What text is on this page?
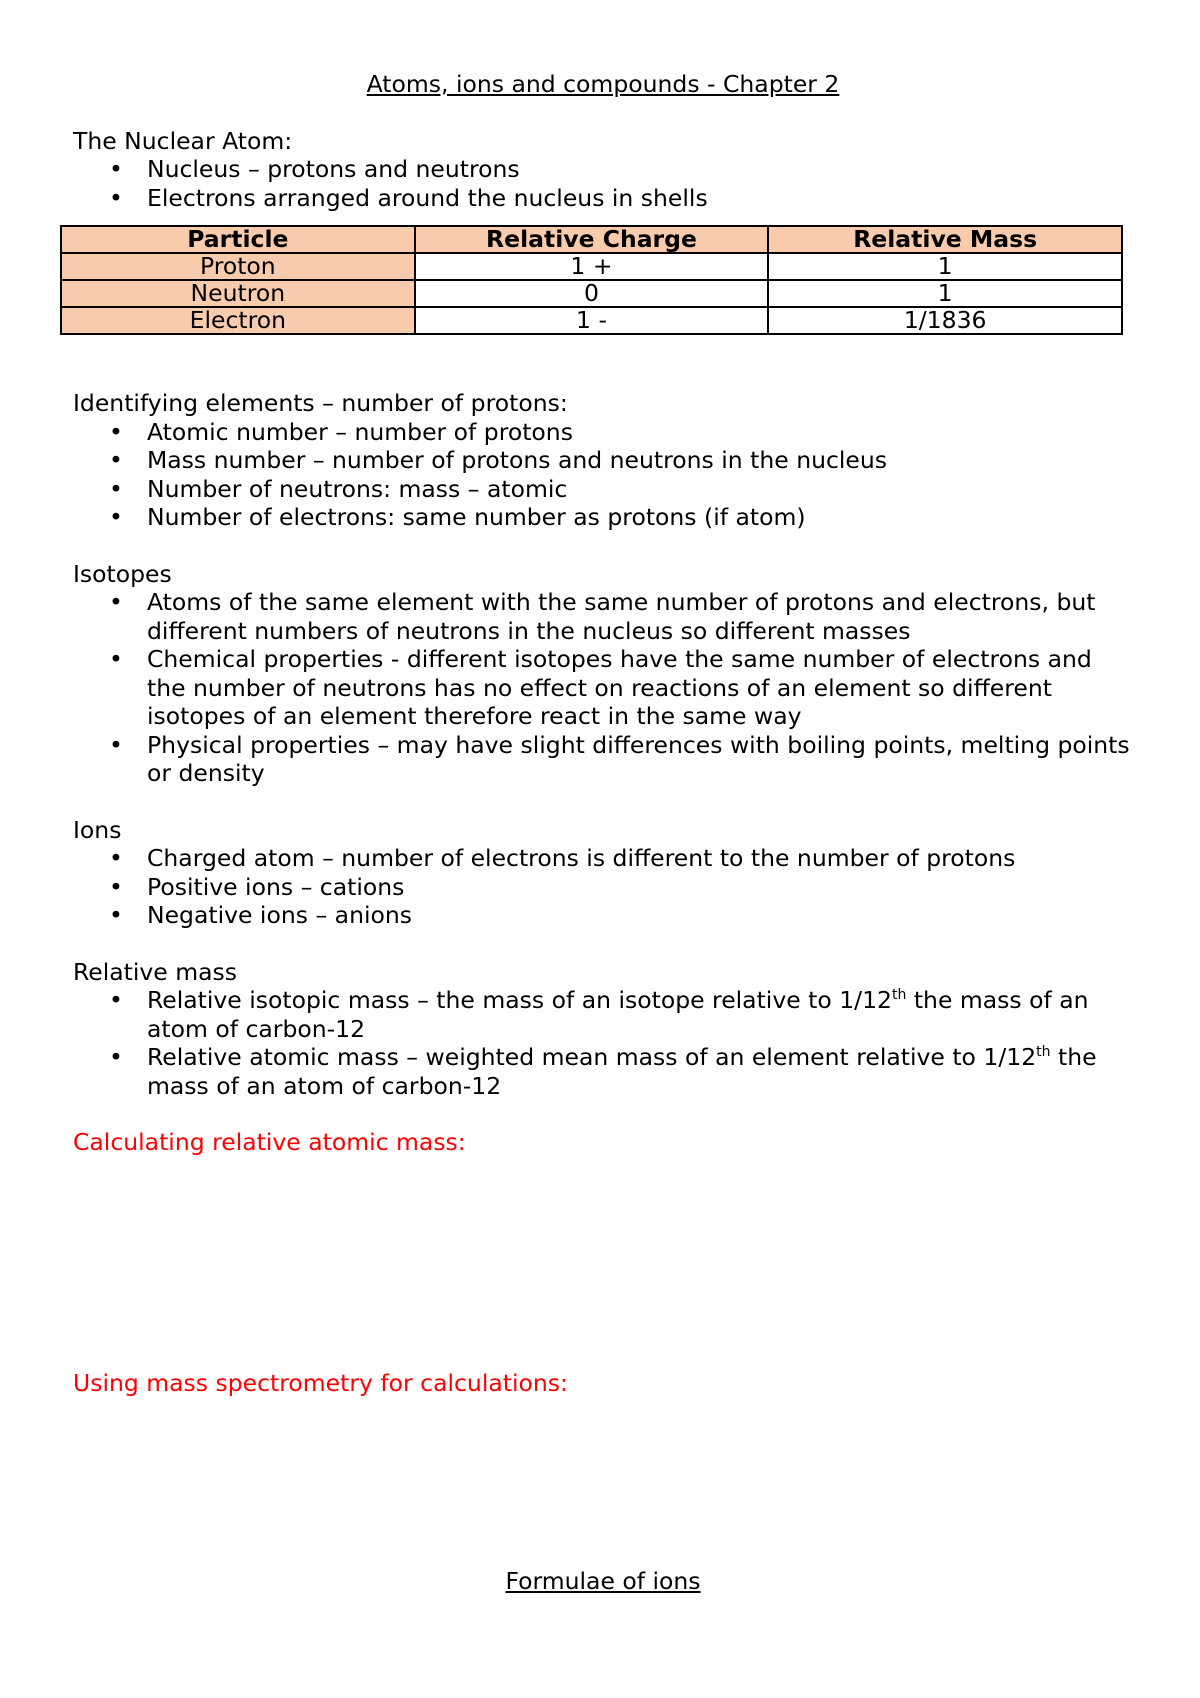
Atoms, ions and compounds - Chapter 2

The Nuclear Atom:

• Nucleus – protons and neutrons
• Electrons arranged around the nucleus in shells
Particle	Relative Charge	Relative Mass
Proton	1 +	1
Neutron	0	1
Electron	1 -	1/1836

Identifying elements – number of protons:

• Atomic number – number of protons
• Mass number – number of protons and neutrons in the nucleus
• Number of neutrons: mass – atomic
• Number of electrons: same number as protons (if atom)

Isotopes

• Atoms of the same element with the same number of protons and electrons, but different numbers of neutrons in the nucleus so different masses
• Chemical properties - different isotopes have the same number of electrons and the number of neutrons has no effect on reactions of an element so different isotopes of an element therefore react in the same way
• Physical properties – may have slight differences with boiling points, melting points or density

Ions

• Charged atom – number of electrons is different to the number of protons
• Positive ions – cations
• Negative ions – anions

Relative mass

• Relative isotopic mass – the mass of an isotope relative to 1/12th the mass of an atom of carbon-12
• Relative atomic mass – weighted mean mass of an element relative to 1/12th the mass of an atom of carbon-12

Calculating relative atomic mass:

Using mass spectrometry for calculations:

Formulae of ions
